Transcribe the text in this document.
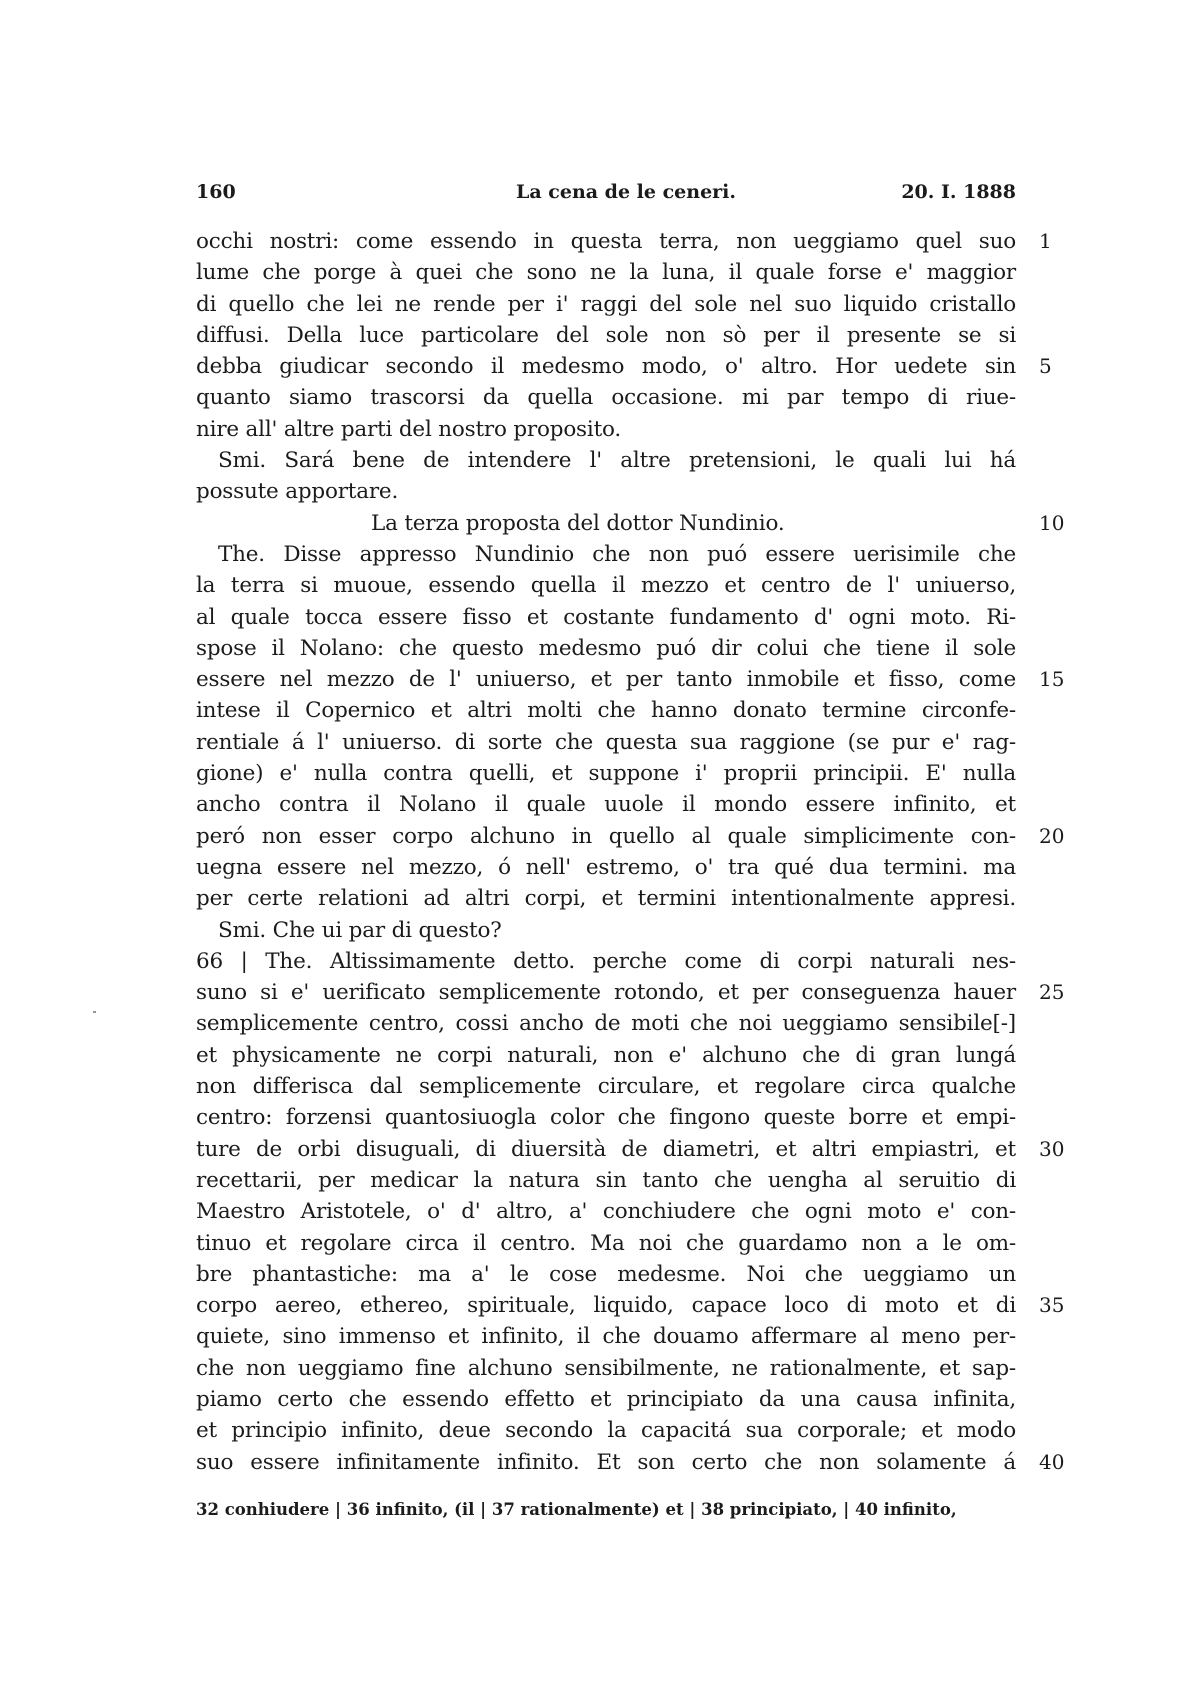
160	La cena de le ceneri.	20. I. 1888
occhi nostri: come essendo in questa terra, non ueggiamo quel suo 1
lume che porge à quei che sono ne la luna, il quale forse e' maggior
di quello che lei ne rende per i' raggi del sole nel suo liquido cristallo
diffusi. Della luce particolare del sole non sò per il presente se si
debba giudicar secondo il medesmo modo, o' altro. Hor uedete sin 5
quanto siamo trascorsi da quella occasione. mi par tempo di riue-
nire all' altre parti del nostro proposito.
Smi. Sará bene de intendere l' altre pretensioni, le quali lui há
possute apportare.
La terza proposta del dottor Nundinio.	10
The. Disse appresso Nundinio che non puó essere uerisimile che
la terra si muoue, essendo quella il mezzo et centro de l' uniuerso,
al quale tocca essere fisso et costante fundamento d' ogni moto. Ri-
spose il Nolano: che questo medesmo puó dir colui che tiene il sole
essere nel mezzo de l' uniuerso, et per tanto inmobile et fisso, come 15
intese il Copernico et altri molti che hanno donato termine circonfe-
rentiale á l' uniuerso. di sorte che questa sua raggione (se pur e' rag-
gione) e' nulla contra quelli, et suppone i' proprii principii. E' nulla
ancho contra il Nolano il quale uuole il mondo essere infinito, et
peró non esser corpo alchuno in quello al quale simplicimente con- 20
uegna essere nel mezzo, ó nell' estremo, o' tra qué dua termini. ma
per certe relationi ad altri corpi, et termini intentionalmente appresi.
Smi. Che ui par di questo?
66 | The. Altissimamente detto. perche come di corpi naturali nes-
suno si e' uerificato semplicemente rotondo, et per conseguenza hauer 25
semplicemente centro, cossi ancho de moti che noi ueggiamo sensibile[-]
et physicamente ne corpi naturali, non e' alchuno che di gran lungá
non differisca dal semplicemente circulare, et regolare circa qualche
centro: forzensi quantosiuogla color che fingono queste borre et empi-
ture de orbi disuguali, di diuersità de diametri, et altri empiastri, et 30
recettarii, per medicar la natura sin tanto che uengha al seruitio di
Maestro Aristotele, o' d' altro, a' conchiudere che ogni moto e' con-
tinuo et regolare circa il centro. Ma noi che guardamo non a le om-
bre phantastiche: ma a' le cose medesme. Noi che ueggiamo un
corpo aereo, ethereo, spirituale, liquido, capace loco di moto et di 35
quiete, sino immenso et infinito, il che douamo affermare al meno per-
che non ueggiamo fine alchuno sensibilmente, ne rationalmente, et sap-
piamo certo che essendo effetto et principiato da una causa infinita,
et principio infinito, deue secondo la capacitá sua corporale; et modo
suo essere infinitamente infinito. Et son certo che non solamente á 40
32 conhiudere | 36 infinito, (il | 37 rationalmente) et | 38 principiato, | 40 infinito,
